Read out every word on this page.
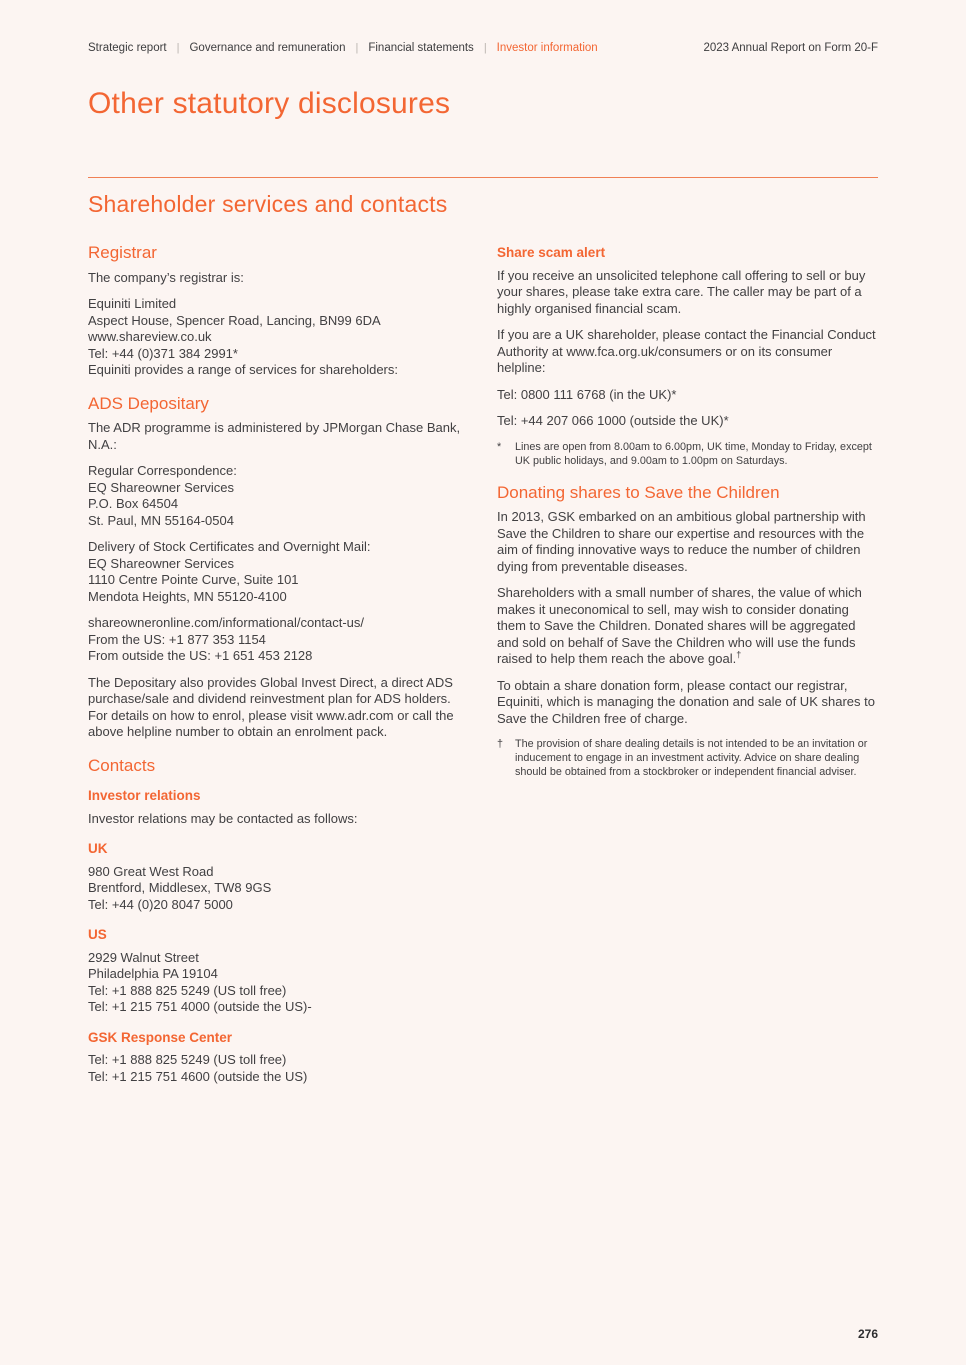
Strategic report | Governance and remuneration | Financial statements | Investor information	2023 Annual Report on Form 20-F
Other statutory disclosures
Shareholder services and contacts
Registrar

The company’s registrar is:

Equiniti Limited
Aspect House, Spencer Road, Lancing, BN99 6DA
www.shareview.co.uk
Tel: +44 (0)371 384 2991*
Equiniti provides a range of services for shareholders:
ADS Depositary

The ADR programme is administered by JPMorgan Chase Bank, N.A.:

Regular Correspondence:
EQ Shareowner Services
P.O. Box 64504
St. Paul, MN 55164-0504
Delivery of Stock Certificates and Overnight Mail:
EQ Shareowner Services
1110 Centre Pointe Curve, Suite 101
Mendota Heights, MN 55120-4100
shareowneronline.com/informational/contact-us/
From the US: +1 877 353 1154
From outside the US: +1 651 453 2128

The Depositary also provides Global Invest Direct, a direct ADS purchase/sale and dividend reinvestment plan for ADS holders. For details on how to enrol, please visit www.adr.com or call the above helpline number to obtain an enrolment pack.

Contacts
Investor relations

Investor relations may be contacted as follows:

UK
980 Great West Road
Brentford, Middlesex, TW8 9GS
Tel: +44 (0)20 8047 5000
US
2929 Walnut Street
Philadelphia PA 19104
Tel: +1 888 825 5249 (US toll free)
Tel: +1 215 751 4000 (outside the US)-
GSK Response Center
Tel: +1 888 825 5249 (US toll free)
Tel: +1 215 751 4600 (outside the US)
Share scam alert

If you receive an unsolicited telephone call offering to sell or buy your shares, please take extra care. The caller may be part of a highly organised financial scam.

If you are a UK shareholder, please contact the Financial Conduct Authority at www.fca.org.uk/consumers or on its consumer helpline:

Tel: 0800 111 6768 (in the UK)*

Tel: +44 207 066 1000 (outside the UK)*

*	Lines are open from 8.00am to 6.00pm, UK time, Monday to Friday, except UK public holidays, and 9.00am to 1.00pm on Saturdays.
Donating shares to Save the Children

In 2013, GSK embarked on an ambitious global partnership with Save the Children to share our expertise and resources with the aim of finding innovative ways to reduce the number of children dying from preventable diseases.

Shareholders with a small number of shares, the value of which makes it uneconomical to sell, may wish to consider donating them to Save the Children. Donated shares will be aggregated and sold on behalf of Save the Children who will use the funds raised to help them reach the above goal.†

To obtain a share donation form, please contact our registrar, Equiniti, which is managing the donation and sale of UK shares to Save the Children free of charge.

†	The provision of share dealing details is not intended to be an invitation or inducement to engage in an investment activity. Advice on share dealing should be obtained from a stockbroker or independent financial adviser.
276
